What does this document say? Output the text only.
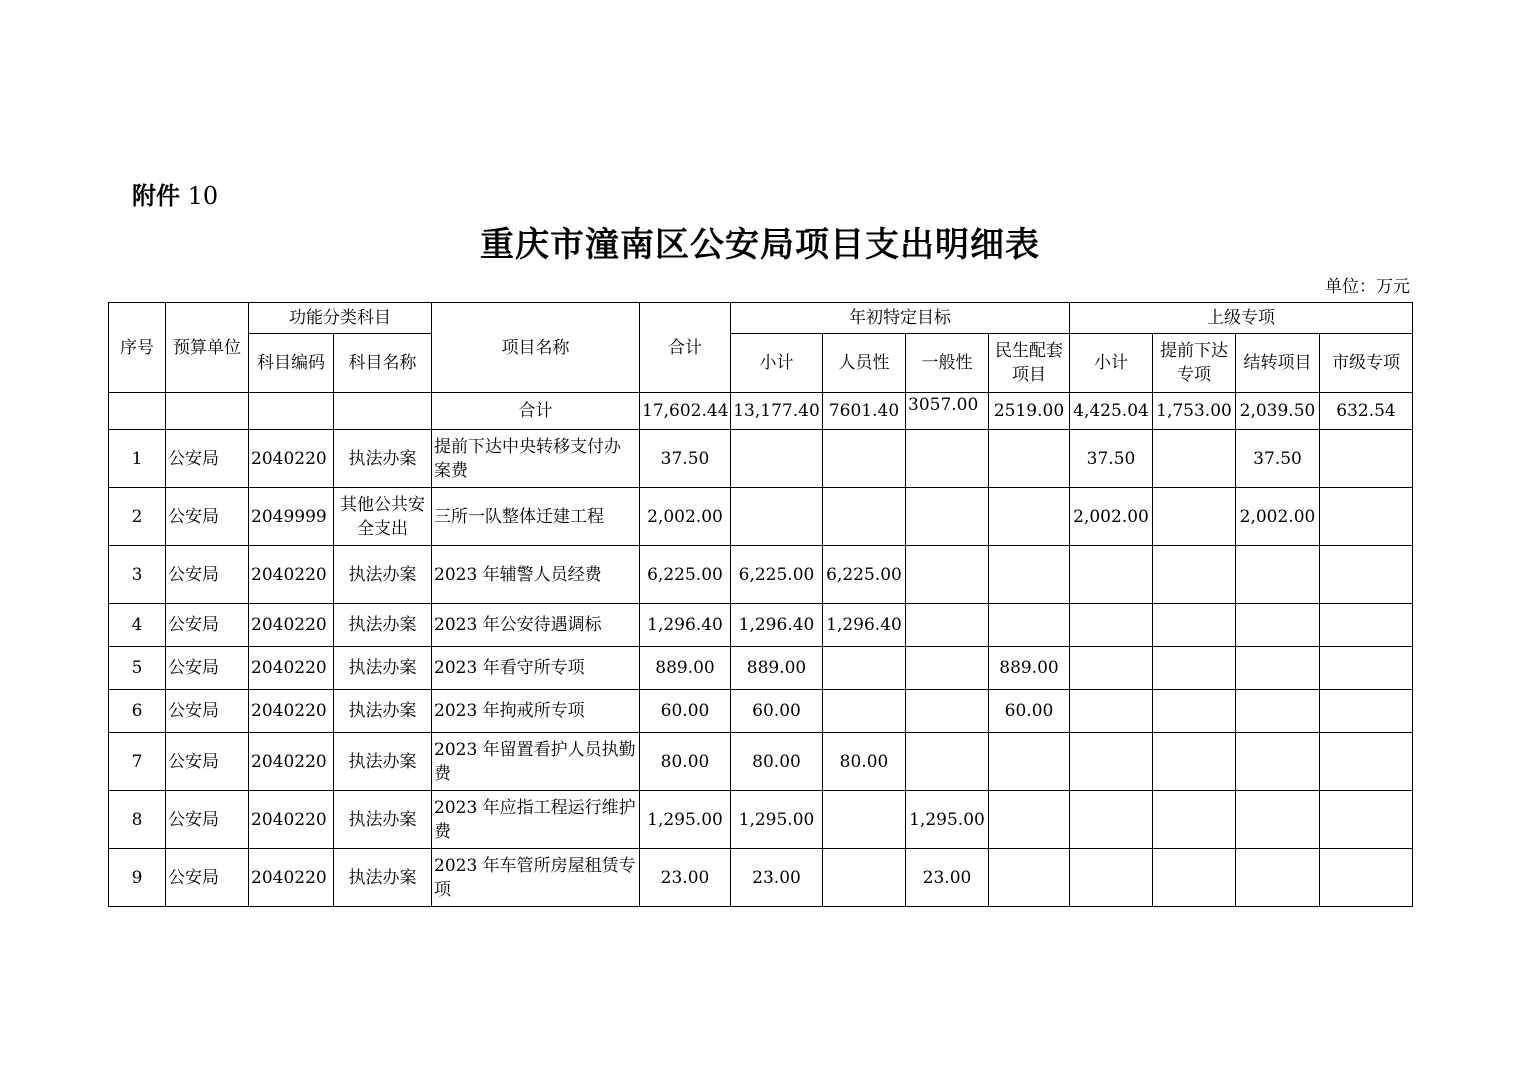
附件 10
重庆市潼南区公安局项目支出明细表
单位：万元
序号	预算单位	功能分类科目		项目名称	合计	年初特定目标				上级专项			
		科目编码	科目名称			小计	人员性	一般性	民生配套项目	小计	提前下达专项	结转项目	市级专项
				合计	17,602.44	13,177.40	7601.40	3057.00	2519.00	4,425.04	1,753.00	2,039.50	632.54
1	公安局	2040220	执法办案	提前下达中央转移支付办案费	37.50					37.50		37.50	
2	公安局	2049999	其他公共安全支出	三所一队整体迁建工程	2,002.00					2,002.00		2,002.00	
3	公安局	2040220	执法办案	2023 年辅警人员经费	6,225.00	6,225.00	6,225.00						
4	公安局	2040220	执法办案	2023 年公安待遇调标	1,296.40	1,296.40	1,296.40						
5	公安局	2040220	执法办案	2023 年看守所专项	889.00	889.00			889.00				
6	公安局	2040220	执法办案	2023 年拘戒所专项	60.00	60.00			60.00				
7	公安局	2040220	执法办案	2023 年留置看护人员执勤费	80.00	80.00	80.00						
8	公安局	2040220	执法办案	2023 年应指工程运行维护费	1,295.00	1,295.00		1,295.00					
9	公安局	2040220	执法办案	2023 年车管所房屋租赁专项	23.00	23.00		23.00					
